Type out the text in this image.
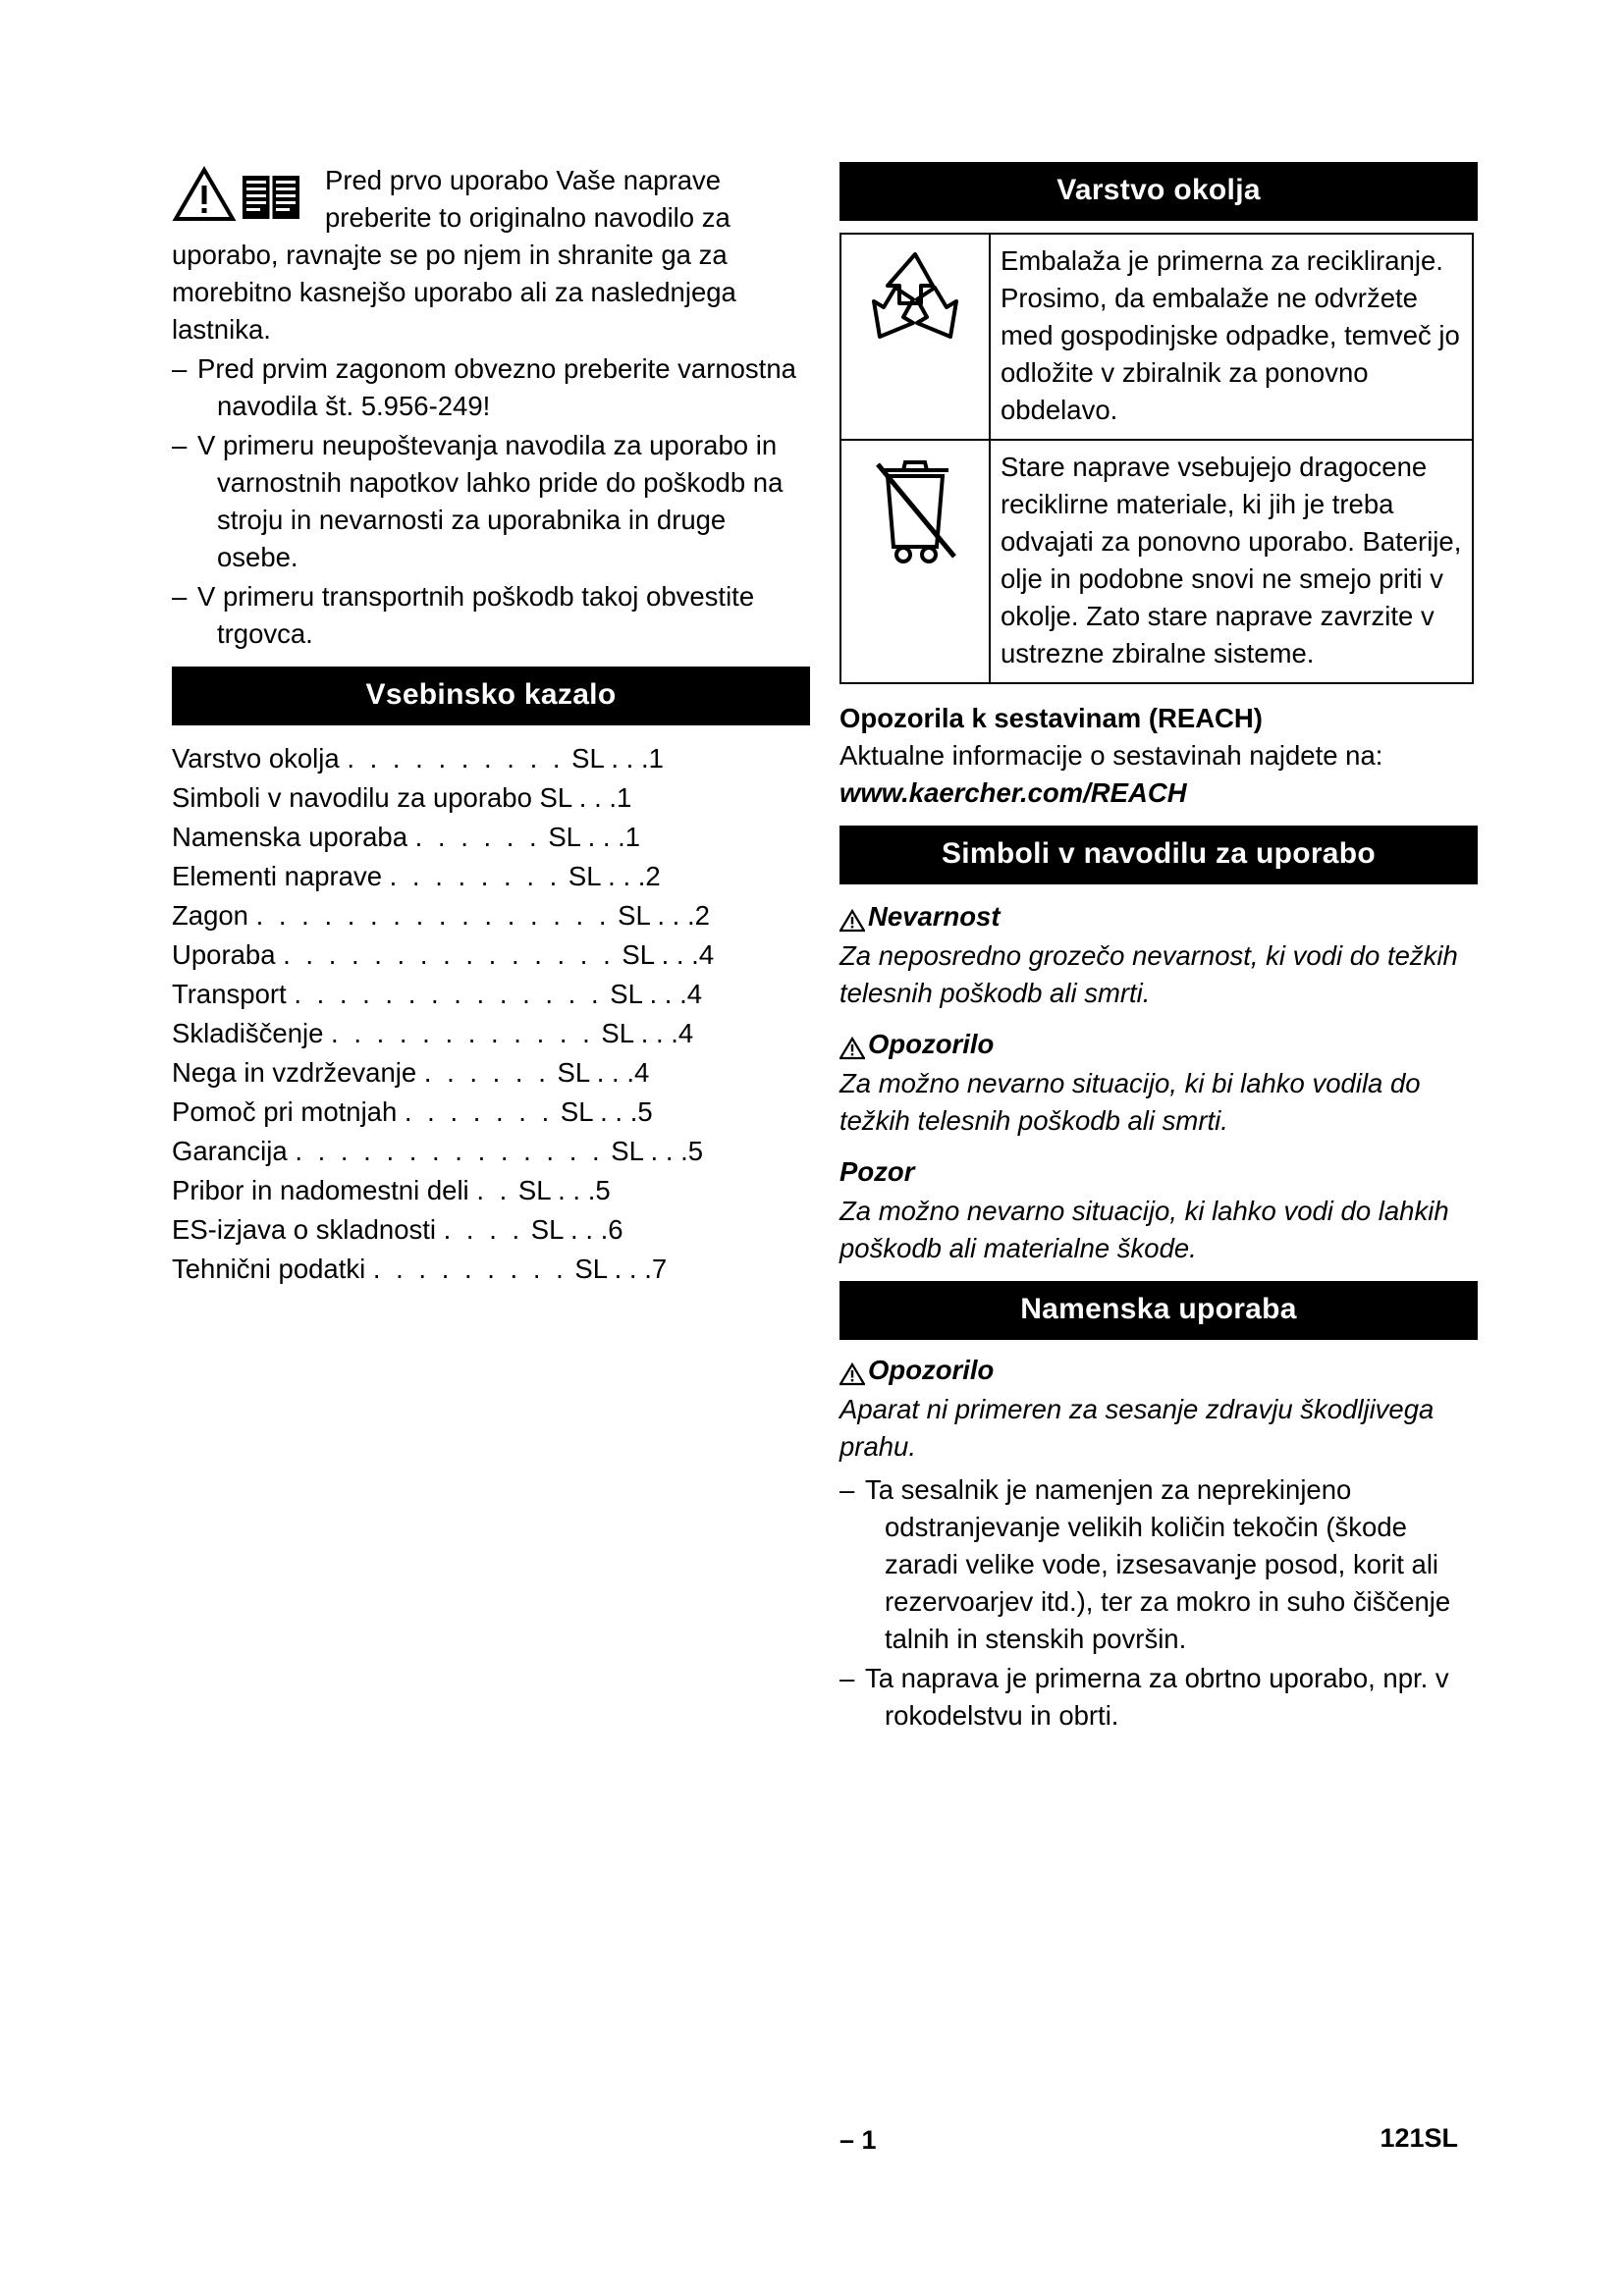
Pred prvo uporabo Vaše naprave preberite to originalno navodilo za uporabo, ravnajte se po njem in shranite ga za morebitno kasnejšo uporabo ali za naslednjega lastnika.
– Pred prvim zagonom obvezno preberite varnostna navodila št. 5.956-249!
– V primeru neupoštevanja navodila za uporabo in varnostnih napotkov lahko pride do poškodb na stroju in nevarnosti za uporabnika in druge osebe.
– V primeru transportnih poškodb takoj obvestite trgovca.
Vsebinsko kazalo
Varstvo okolja . . . . . . . . . . SL . . .1
Simboli v navodilu za uporabo SL . . .1
Namenska uporaba . . . . . . SL . . .1
Elementi naprave . . . . . . . . SL . . .2
Zagon . . . . . . . . . . . . . . . . SL . . .2
Uporaba . . . . . . . . . . . . . . . SL . . .4
Transport . . . . . . . . . . . . . . SL . . .4
Skladiščenje . . . . . . . . . . . . SL . . .4
Nega in vzdrževanje . . . . . . SL . . .4
Pomoč pri motnjah . . . . . . . SL . . .5
Garancija . . . . . . . . . . . . . . SL . . .5
Pribor in nadomestni deli . . SL . . .5
ES-izjava o skladnosti . . . . SL . . .6
Tehnični podatki . . . . . . . . . SL . . .7
Varstvo okolja
	Embalaža je primerna za recikliranje. Prosimo, da embalaže ne odvržete med gospodinjske odpadke, temveč jo odložite v zbiralnik za ponovno obdelavo.
	Stare naprave vsebujejo dragocene reciklirne materiale, ki jih je treba odvajati za ponovno uporabo. Baterije, olje in podobne snovi ne smejo priti v okolje. Zato stare naprave zavrzite v ustrezne zbiralne sisteme.

Opozorila k sestavinam (REACH)

Aktualne informacije o sestavinah najdete na:

www.kaercher.com/REACH

Simboli v navodilu za uporabo
Nevarnost

Za neposredno grozečo nevarnost, ki vodi do težkih telesnih poškodb ali smrti.

Opozorilo

Za možno nevarno situacijo, ki bi lahko vodila do težkih telesnih poškodb ali smrti.

Pozor

Za možno nevarno situacijo, ki lahko vodi do lahkih poškodb ali materialne škode.

Namenska uporaba
Opozorilo

Aparat ni primeren za sesanje zdravju škodljivega prahu.

– Ta sesalnik je namenjen za neprekinjeno odstranjevanje velikih količin tekočin (škode zaradi velike vode, izsesavanje posod, korit ali rezervoarjev itd.), ter za mokro in suho čiščenje talnih in stenskih površin.
– Ta naprava je primerna za obrtno uporabo, npr. v rokodelstvu in obrti.
– 1	121SL
